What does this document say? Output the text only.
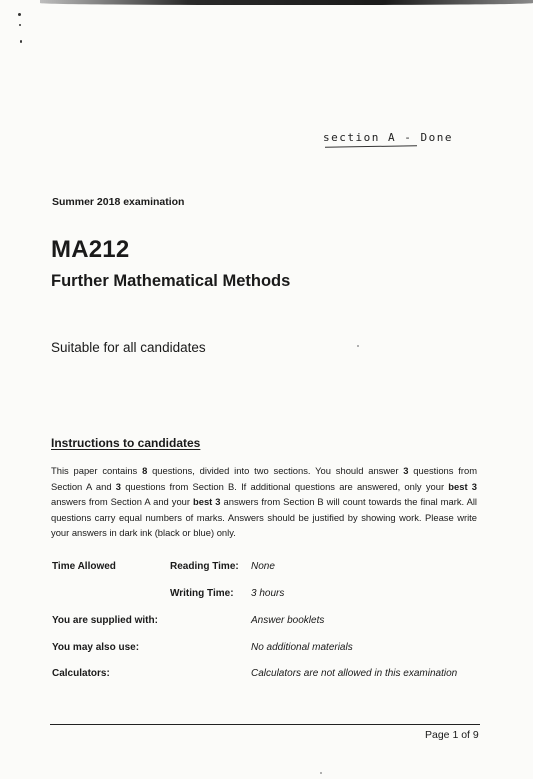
section A - Done
Summer 2018 examination
MA212
Further Mathematical Methods
Suitable for all candidates
Instructions to candidates
This paper contains 8 questions, divided into two sections. You should answer 3 questions from Section A and 3 questions from Section B. If additional questions are answered, only your best 3 answers from Section A and your best 3 answers from Section B will count towards the final mark. All questions carry equal numbers of marks. Answers should be justified by showing work. Please write your answers in dark ink (black or blue) only.
Time Allowed	Reading Time: None
Writing Time: 3 hours
You are supplied with:	Answer booklets
You may also use:	No additional materials
Calculators:	Calculators are not allowed in this examination
Page 1 of 9
